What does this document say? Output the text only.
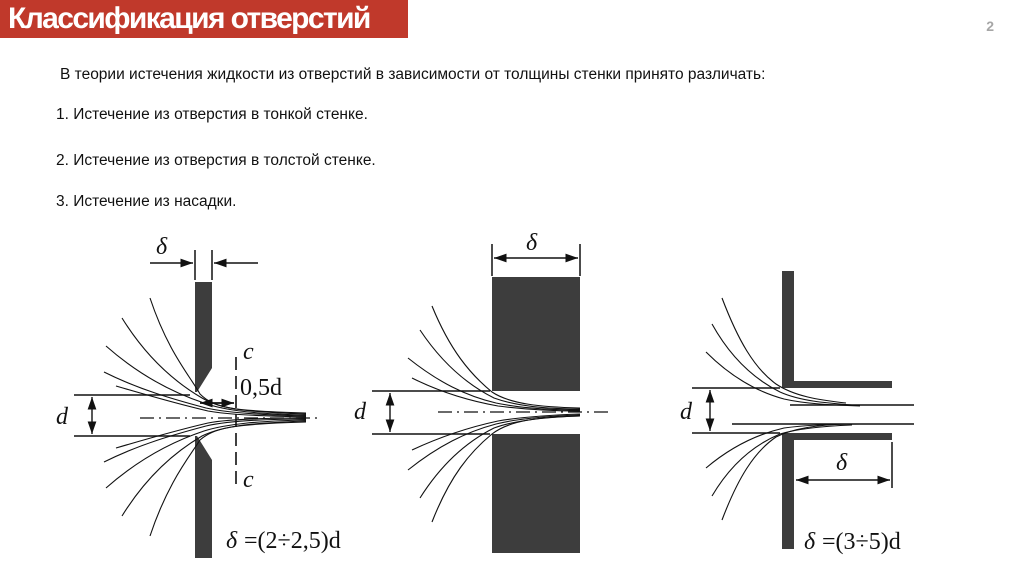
Классификация отверстий	2
В теории истечения жидкости из отверстий в зависимости от толщины стенки принято различать:
1. Истечение из отверстия в тонкой стенке.
2. Истечение из отверстия в толстой стенке.
3. Истечение из насадки.
δ
d
c
c
0,5d
δ =(2÷2,5)d
δ
d	d
δ
δ =(3÷5)d
